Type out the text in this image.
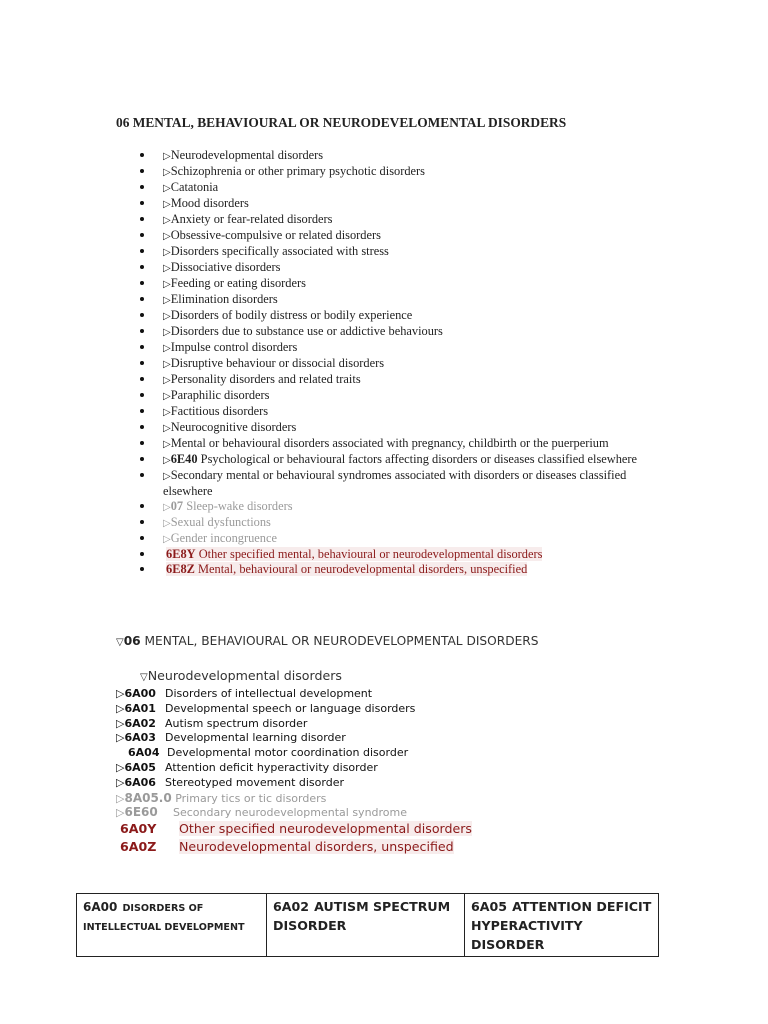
06 MENTAL, BEHAVIOURAL OR NEURODEVELOMENTAL DISORDERS
▷Neurodevelopmental disorders
▷Schizophrenia or other primary psychotic disorders
▷Catatonia
▷Mood disorders
▷Anxiety or fear-related disorders
▷Obsessive-compulsive or related disorders
▷Disorders specifically associated with stress
▷Dissociative disorders
▷Feeding or eating disorders
▷Elimination disorders
▷Disorders of bodily distress or bodily experience
▷Disorders due to substance use or addictive behaviours
▷Impulse control disorders
▷Disruptive behaviour or dissocial disorders
▷Personality disorders and related traits
▷Paraphilic disorders
▷Factitious disorders
▷Neurocognitive disorders
▷Mental or behavioural disorders associated with pregnancy, childbirth or the puerperium
▷6E40 Psychological or behavioural factors affecting disorders or diseases classified elsewhere
▷Secondary mental or behavioural syndromes associated with disorders or diseases classified elsewhere
▷07 Sleep-wake disorders
▷Sexual dysfunctions
▷Gender incongruence
6E8Y Other specified mental, behavioural or neurodevelopmental disorders
6E8Z Mental, behavioural or neurodevelopmental disorders, unspecified
▽06 MENTAL, BEHAVIOURAL OR NEURODEVELOPMENTAL DISORDERS
▽Neurodevelopmental disorders
▷6A00 Disorders of intellectual development
▷6A01 Developmental speech or language disorders
▷6A02 Autism spectrum disorder
▷6A03 Developmental learning disorder
6A04 Developmental motor coordination disorder
▷6A05 Attention deficit hyperactivity disorder
▷6A06 Stereotyped movement disorder
▷8A05.0 Primary tics or tic disorders
▷6E60 Secondary neurodevelopmental syndrome
6A0Y Other specified neurodevelopmental disorders
6A0Z Neurodevelopmental disorders, unspecified
6A00 DISORDERS OF INTELLECTUAL DEVELOPMENT	6A02 AUTISM SPECTRUM DISORDER	6A05 ATTENTION DEFICIT HYPERACTIVITY DISORDER
